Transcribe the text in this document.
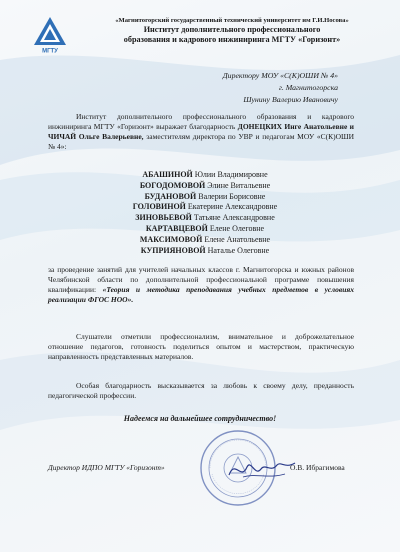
МГТУ
«Магнитогорский государственный технический университет им Г.И.Носова»
Институт дополнительного профессионального
образования и кадрового инжиниринга МГТУ «Горизонт»
Директору МОУ «С(К)ОШИ № 4»
г. Магнитогорска
Шунину Валерию Ивановичу

Институт дополнительного профессионального образования и кадрового инжиниринга МГТУ «Горизонт» выражает благодарность ДОНЕЦКИХ Инге Анатольевне и ЧИЧАЙ Ольге Валерьевне, заместителям директора по УВР и педагогам МОУ «С(К)ОШИ № 4»:

АБАШИНОЙ Юлии Владимировне
БОГОДОМОВОЙ Элине Витальевне
БУДАНОВОЙ Валерии Борисовне
ГОЛОВИНОЙ Екатерине Александровне
ЗИНОВЬЕВОЙ Татьяне Александровне
КАРТАВЦЕВОЙ Елене Олеговне
МАКСИМОВОЙ Елене Анатольевне
КУПРИЯНОВОЙ Наталье Олеговне
за проведение занятий для учителей начальных классов г. Магнитогорска и южных районов Челябинской области по дополнительной профессиональной программе повышения квалификации: «Теория и методика преподавания учебных предметов в условиях реализации ФГОС НОО».

Слушатели отметили профессионализм, внимательное и доброжелательное отношение педагогов, готовность поделиться опытом и мастерством, практическую направленность представленных материалов.

Особая благодарность высказывается за любовь к своему делу, преданность педагогической профессии.

Надеемся на дальнейшее сотрудничество!
Директор ИДПО МГТУ «Горизонт»	О.В. Ибрагимова
